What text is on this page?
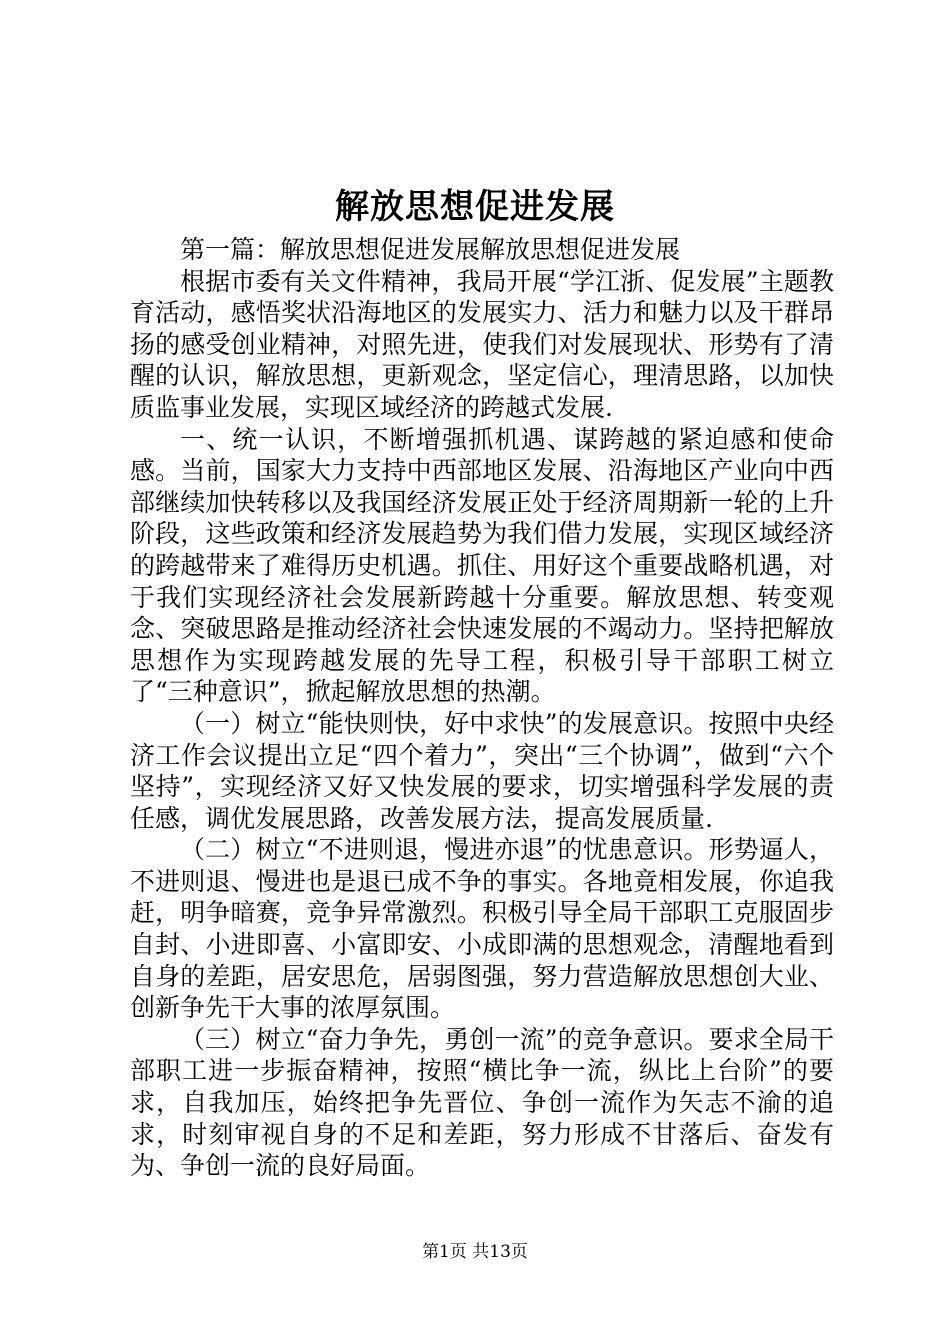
解放思想促进发展

第一篇：解放思想促进发展解放思想促进发展

根据市委有关文件精神，我局开展“学江浙、促发展”主题教育活动，感悟奖状沿海地区的发展实力、活力和魅力以及干群昂扬的感受创业精神，对照先进，使我们对发展现状、形势有了清醒的认识，解放思想，更新观念，坚定信心，理清思路，以加快质监事业发展，实现区域经济的跨越式发展.

一、统一认识，不断增强抓机遇、谋跨越的紧迫感和使命感。当前，国家大力支持中西部地区发展、沿海地区产业向中西部继续加快转移以及我国经济发展正处于经济周期新一轮的上升阶段，这些政策和经济发展趋势为我们借力发展，实现区域经济的跨越带来了难得历史机遇。抓住、用好这个重要战略机遇，对于我们实现经济社会发展新跨越十分重要。解放思想、转变观念、突破思路是推动经济社会快速发展的不竭动力。坚持把解放思想作为实现跨越发展的先导工程，积极引导干部职工树立了“三种意识”，掀起解放思想的热潮。

（一）树立“能快则快，好中求快”的发展意识。按照中央经济工作会议提出立足“四个着力”，突出“三个协调”，做到“六个坚持”，实现经济又好又快发展的要求，切实增强科学发展的责任感，调优发展思路，改善发展方法，提高发展质量.

（二）树立“不进则退，慢进亦退”的忧患意识。形势逼人，不进则退、慢进也是退已成不争的事实。各地竟相发展，你追我赶，明争暗赛，竞争异常激烈。积极引导全局干部职工克服固步自封、小进即喜、小富即安、小成即满的思想观念，清醒地看到自身的差距，居安思危，居弱图强，努力营造解放思想创大业、创新争先干大事的浓厚氛围。

（三）树立“奋力争先，勇创一流”的竞争意识。要求全局干部职工进一步振奋精神，按照“横比争一流，纵比上台阶”的要求，自我加压，始终把争先晋位、争创一流作为矢志不渝的追求，时刻审视自身的不足和差距，努力形成不甘落后、奋发有为、争创一流的良好局面。

第1页 共13页
